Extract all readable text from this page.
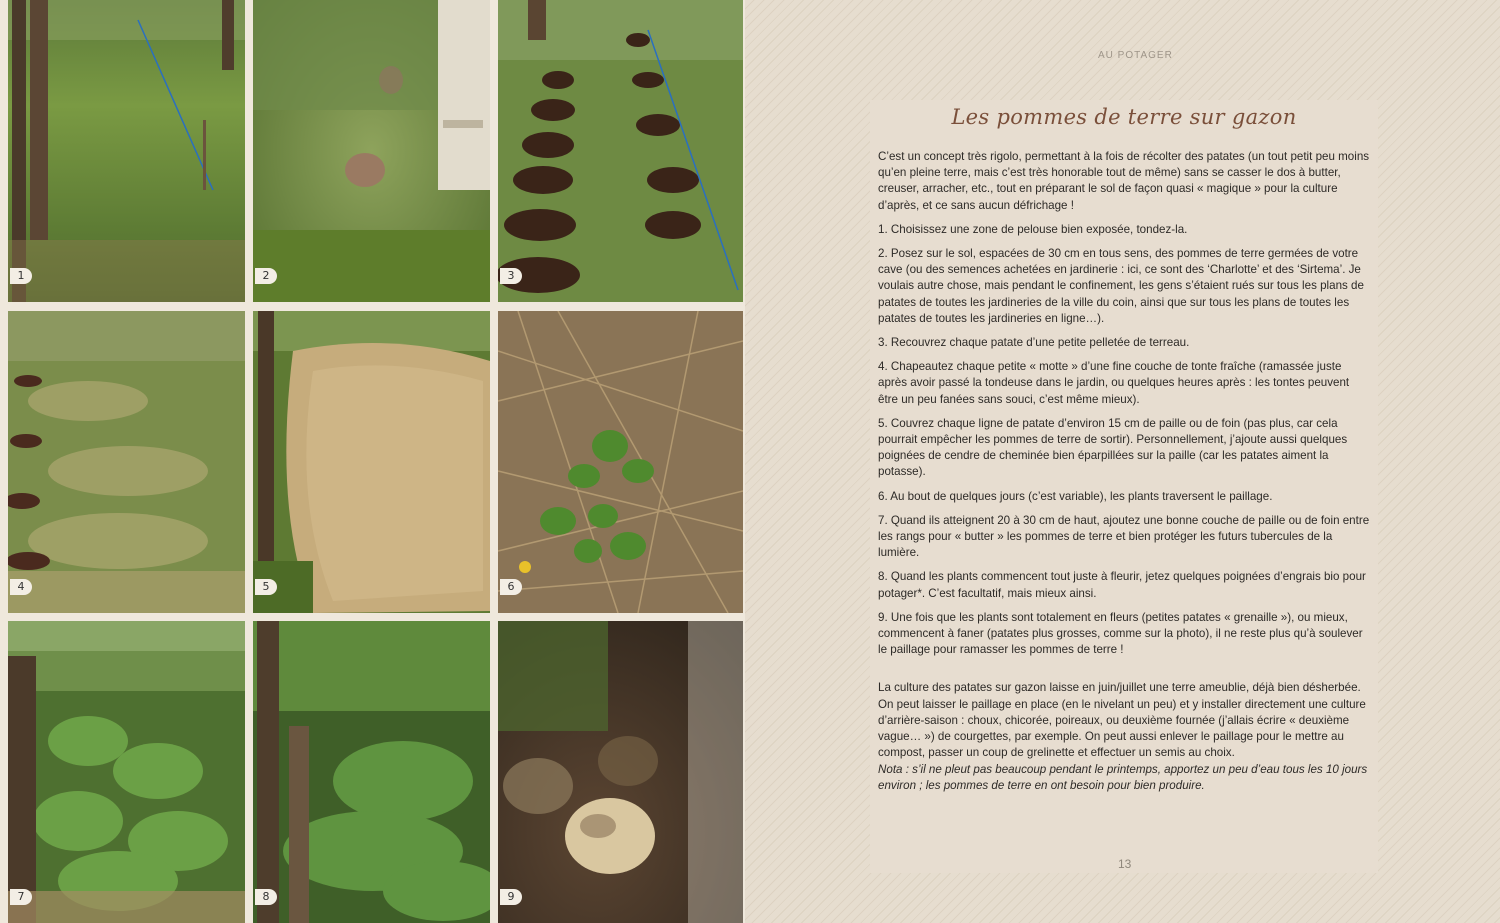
1	2	3
4	5	6
7	8	9
AU POTAGER
Les pommes de terre sur gazon

C’est un concept très rigolo, permettant à la fois de récolter des patates (un tout petit peu moins qu’en pleine terre, mais c’est très honorable tout de même) sans se casser le dos à butter, creuser, arracher, etc., tout en préparant le sol de façon quasi « magique » pour la culture d’après, et ce sans aucun défrichage !

1. Choisissez une zone de pelouse bien exposée, tondez-la.

2. Posez sur le sol, espacées de 30 cm en tous sens, des pommes de terre germées de votre cave (ou des semences achetées en jardinerie : ici, ce sont des ‘Charlotte’ et des ‘Sirtema’. Je voulais autre chose, mais pendant le confinement, les gens s’étaient rués sur tous les plans de patates de toutes les jardineries de la ville du coin, ainsi que sur tous les plans de toutes les patates de toutes les jardineries en ligne…).

3. Recouvrez chaque patate d’une petite pelletée de terreau.

4. Chapeautez chaque petite « motte » d’une fine couche de tonte fraîche (ramassée juste après avoir passé la tondeuse dans le jardin, ou quelques heures après : les tontes peuvent être un peu fanées sans souci, c’est même mieux).

5. Couvrez chaque ligne de patate d’environ 15 cm de paille ou de foin (pas plus, car cela pourrait empêcher les pommes de terre de sortir). Personnellement, j’ajoute aussi quelques poignées de cendre de cheminée bien éparpillées sur la paille (car les patates aiment la potasse).

6. Au bout de quelques jours (c’est variable), les plants traversent le paillage.

7. Quand ils atteignent 20 à 30 cm de haut, ajoutez une bonne couche de paille ou de foin entre les rangs pour « butter » les pommes de terre et bien protéger les futurs tubercules de la lumière.

8. Quand les plants commencent tout juste à fleurir, jetez quelques poignées d’engrais bio pour potager*. C’est facultatif, mais mieux ainsi.

9. Une fois que les plants sont totalement en fleurs (petites patates « grenaille »), ou mieux, commencent à faner (patates plus grosses, comme sur la photo), il ne reste plus qu’à soulever le paillage pour ramasser les pommes de terre !

La culture des patates sur gazon laisse en juin/juillet une terre ameublie, déjà bien désherbée. On peut laisser le paillage en place (en le nivelant un peu) et y installer directement une culture d’arrière-saison : choux, chicorée, poireaux, ou deuxième fournée (j’allais écrire « deuxième vague… ») de courgettes, par exemple. On peut aussi enlever le paillage pour le mettre au compost, passer un coup de grelinette et effectuer un semis au choix.

Nota : s’il ne pleut pas beaucoup pendant le printemps, apportez un peu d’eau tous les 10 jours environ ; les pommes de terre en ont besoin pour bien produire.

13
